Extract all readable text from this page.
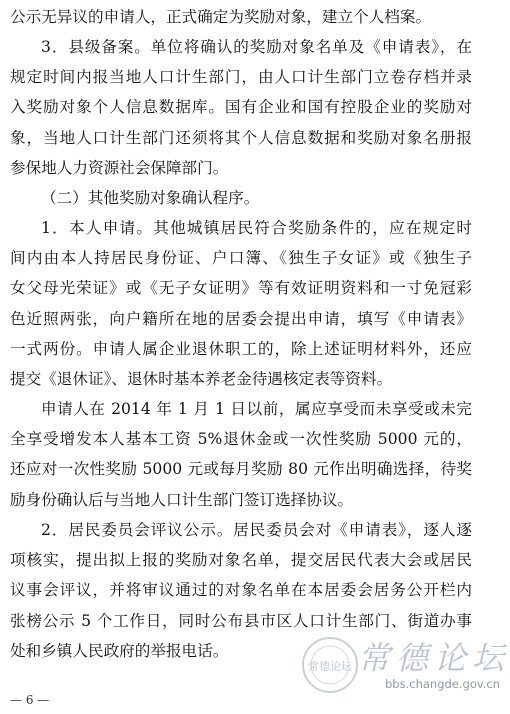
公示无异议的申请人，正式确定为奖励对象，建立个人档案。
3．县级备案。单位将确认的奖励对象名单及《申请表》，在
规定时间内报当地人口计生部门，由人口计生部门立卷存档并录
入奖励对象个人信息数据库。国有企业和国有控股企业的奖励对
象，当地人口计生部门还须将其个人信息数据和奖励对象名册报
参保地人力资源社会保障部门。
（二）其他奖励对象确认程序。
1．本人申请。其他城镇居民符合奖励条件的，应在规定时
间内由本人持居民身份证、户口簿、《独生子女证》或《独生子
女父母光荣证》或《无子女证明》等有效证明资料和一寸免冠彩
色近照两张，向户籍所在地的居委会提出申请，填写《申请表》
一式两份。申请人属企业退休职工的，除上述证明材料外，还应
提交《退休证》、退休时基本养老金待遇核定表等资料。
申请人在 2014 年 1 月 1 日以前，属应享受而未享受或未完
全享受增发本人基本工资 5%退休金或一次性奖励 5000 元的，
还应对一次性奖励 5000 元或每月奖励 80 元作出明确选择，待奖
励身份确认后与当地人口计生部门签订选择协议。
2．居民委员会评议公示。居民委员会对《申请表》，逐人逐
项核实，提出拟上报的奖励对象名单，提交居民代表大会或居民
议事会评议，并将审议通过的对象名单在本居委会居务公开栏内
张榜公示 5 个工作日，同时公布县市区人口计生部门、街道办事
处和乡镇人民政府的举报电话。
— 6 —
常德论坛 常德论坛
bbs.changde.gov.cn
